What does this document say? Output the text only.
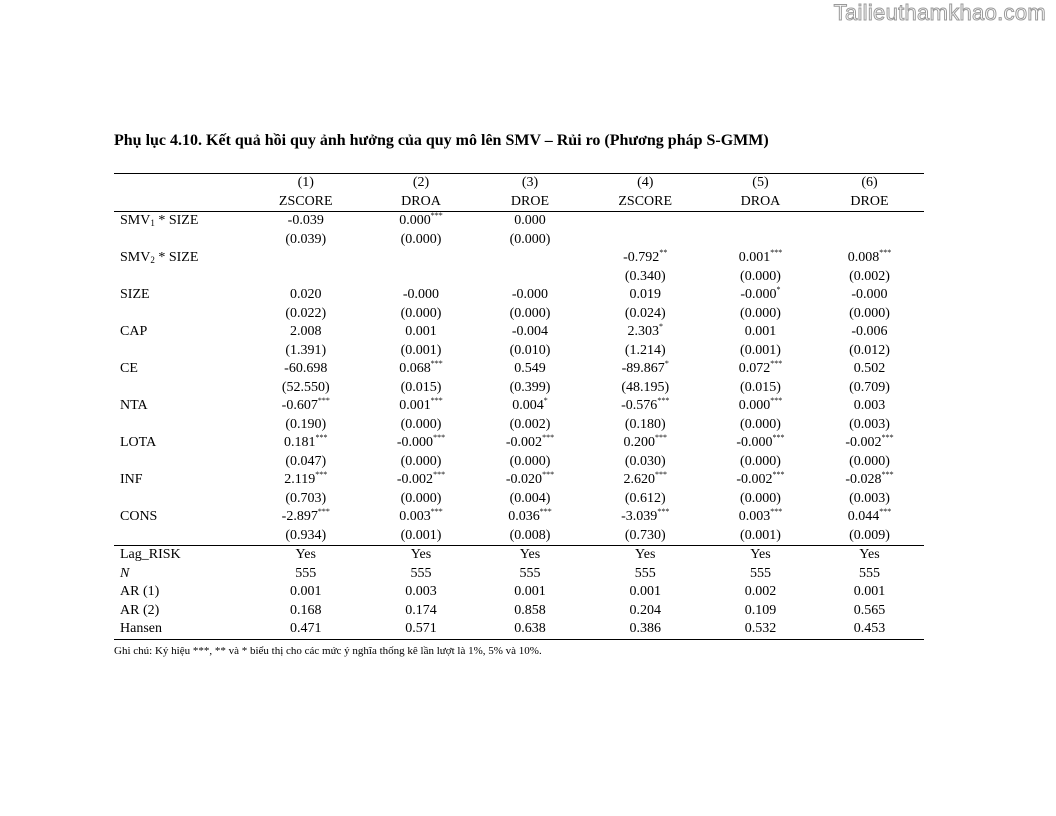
Tailieuthamkhao.com
Phụ lục 4.10. Kết quả hồi quy ảnh hưởng của quy mô lên SMV – Rủi ro (Phương pháp S-GMM)
	(1)	(2)	(3)	(4)	(5)	(6)
	ZSCORE	DROA	DROE	ZSCORE	DROA	DROE
$SMV_1$ * SIZE	-0.039	0.000***	0.000			
	(0.039)	(0.000)	(0.000)			
$SMV_2$ * SIZE				-0.792**	0.001***	0.008***
				(0.340)	(0.000)	(0.002)
SIZE	0.020	-0.000	-0.000	0.019	-0.000*	-0.000
	(0.022)	(0.000)	(0.000)	(0.024)	(0.000)	(0.000)
CAP	2.008	0.001	-0.004	2.303*	0.001	-0.006
	(1.391)	(0.001)	(0.010)	(1.214)	(0.001)	(0.012)
CE	-60.698	0.068***	0.549	-89.867*	0.072***	0.502
	(52.550)	(0.015)	(0.399)	(48.195)	(0.015)	(0.709)
NTA	-0.607***	0.001***	0.004*	-0.576***	0.000***	0.003
	(0.190)	(0.000)	(0.002)	(0.180)	(0.000)	(0.003)
LOTA	0.181***	-0.000***	-0.002***	0.200***	-0.000***	-0.002***
	(0.047)	(0.000)	(0.000)	(0.030)	(0.000)	(0.000)
INF	2.119***	-0.002***	-0.020***	2.620***	-0.002***	-0.028***
	(0.703)	(0.000)	(0.004)	(0.612)	(0.000)	(0.003)
CONS	-2.897***	0.003***	0.036***	-3.039***	0.003***	0.044***
	(0.934)	(0.001)	(0.008)	(0.730)	(0.001)	(0.009)
Lag_RISK	Yes	Yes	Yes	Yes	Yes	Yes
N	555	555	555	555	555	555
AR (1)	0.001	0.003	0.001	0.001	0.002	0.001
AR (2)	0.168	0.174	0.858	0.204	0.109	0.565
Hansen	0.471	0.571	0.638	0.386	0.532	0.453
Ghi chú: Ký hiệu ***, ** và * biểu thị cho các mức ý nghĩa thống kê lần lượt là 1%, 5% và 10%.
